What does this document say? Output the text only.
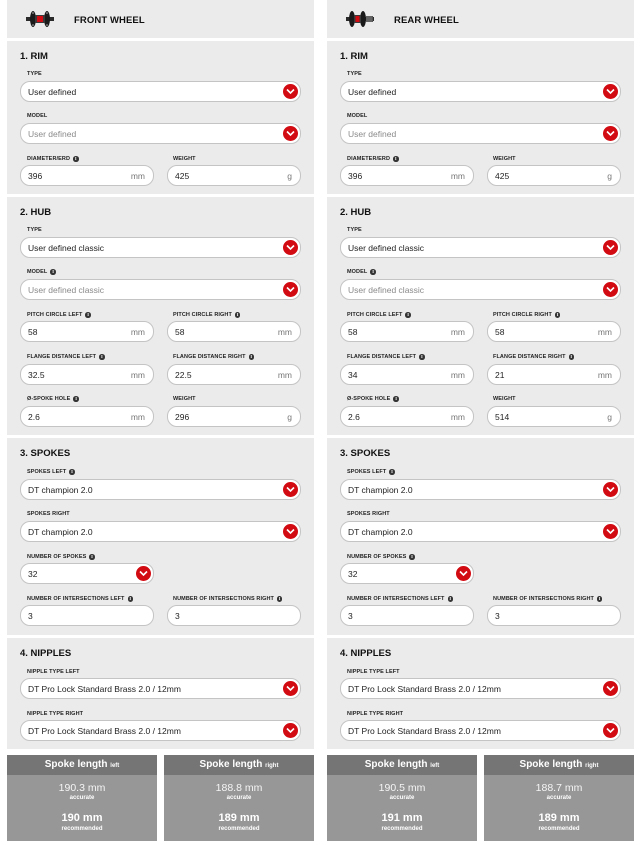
FRONT WHEEL
1. RIM
TYPE
User defined
MODEL
User defined
DIAMETER/ERD	I
396	mm
WEIGHT
425	g
2. HUB
TYPE
User defined classic
MODEL	I
User defined classic
PITCH CIRCLE LEFT	I
58	mm
PITCH CIRCLE RIGHT	I
58	mm
FLANGE DISTANCE LEFT	I
32.5	mm
FLANGE DISTANCE RIGHT	I
22.5	mm
Ø-SPOKE HOLE	I
2.6	mm
WEIGHT
296	g
3. SPOKES
SPOKES LEFT	I
DT champion 2.0
SPOKES RIGHT
DT champion 2.0
NUMBER OF SPOKES	I
32
NUMBER OF INTERSECTIONS LEFT	I
3
NUMBER OF INTERSECTIONS RIGHT	I
3
4. NIPPLES
NIPPLE TYPE LEFT
DT Pro Lock Standard Brass 2.0 / 12mm
NIPPLE TYPE RIGHT
DT Pro Lock Standard Brass 2.0 / 12mm
Spoke length left
190.3 mm
accurate
190 mm
recommended
Spoke length right
188.8 mm
accurate
189 mm
recommended
REAR WHEEL
1. RIM
TYPE
User defined
MODEL
User defined
DIAMETER/ERD	I
396	mm
WEIGHT
425	g
2. HUB
TYPE
User defined classic
MODEL	I
User defined classic
PITCH CIRCLE LEFT	I
58	mm
PITCH CIRCLE RIGHT	I
58	mm
FLANGE DISTANCE LEFT	I
34	mm
FLANGE DISTANCE RIGHT	I
21	mm
Ø-SPOKE HOLE	I
2.6	mm
WEIGHT
514	g
3. SPOKES
SPOKES LEFT	I
DT champion 2.0
SPOKES RIGHT
DT champion 2.0
NUMBER OF SPOKES	I
32
NUMBER OF INTERSECTIONS LEFT	I
3
NUMBER OF INTERSECTIONS RIGHT	I
3
4. NIPPLES
NIPPLE TYPE LEFT
DT Pro Lock Standard Brass 2.0 / 12mm
NIPPLE TYPE RIGHT
DT Pro Lock Standard Brass 2.0 / 12mm
Spoke length left
190.5 mm
accurate
191 mm
recommended
Spoke length right
188.7 mm
accurate
189 mm
recommended
